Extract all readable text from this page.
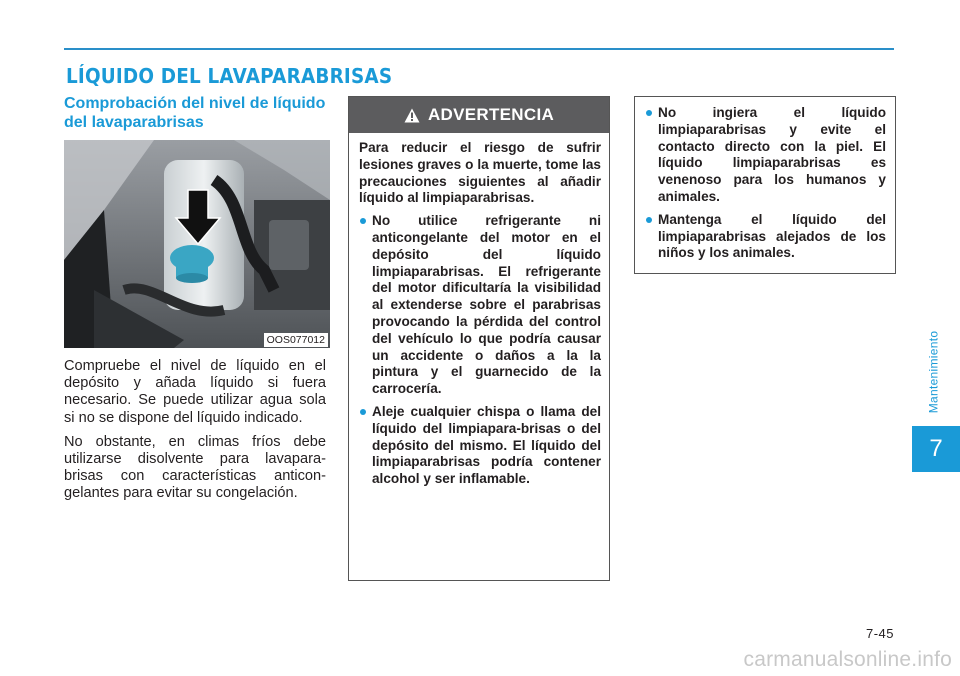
LÍQUIDO DEL LAVAPARABRISAS
Comprobación del nivel de líquido del lavaparabrisas
OOS077012

Compruebe el nivel de líquido en el depósito y añada líquido si fuera necesario. Se puede utilizar agua sola si no se dispone del líquido indicado.

No obstante, en climas fríos debe utilizarse disolvente para lavapara-brisas con características anticon-gelantes para evitar su congelación.

ADVERTENCIA

Para reducir el riesgo de sufrir lesiones graves o la muerte, tome las precauciones siguientes al añadir líquido al limpiaparabrisas.

No utilice refrigerante ni anticongelante del motor en el depósito del líquido limpiaparabrisas. El refrigerante del motor dificultaría la visibilidad al extenderse sobre el parabrisas provocando la pérdida del control del vehículo lo que podría causar un accidente o daños a la la pintura y el guarnecido de la carrocería.
Aleje cualquier chispa o llama del líquido del limpiapara-brisas o del depósito del mismo. El líquido del limpiaparabrisas podría contener alcohol y ser inflamable.
No ingiera el líquido limpiaparabrisas y evite el contacto directo con la piel. El líquido limpiaparabrisas es venenoso para los humanos y animales.
Mantenga el líquido del limpiaparabrisas alejados de los niños y los animales.
Mantenimiento
7
7-45
carmanualsonline.info
